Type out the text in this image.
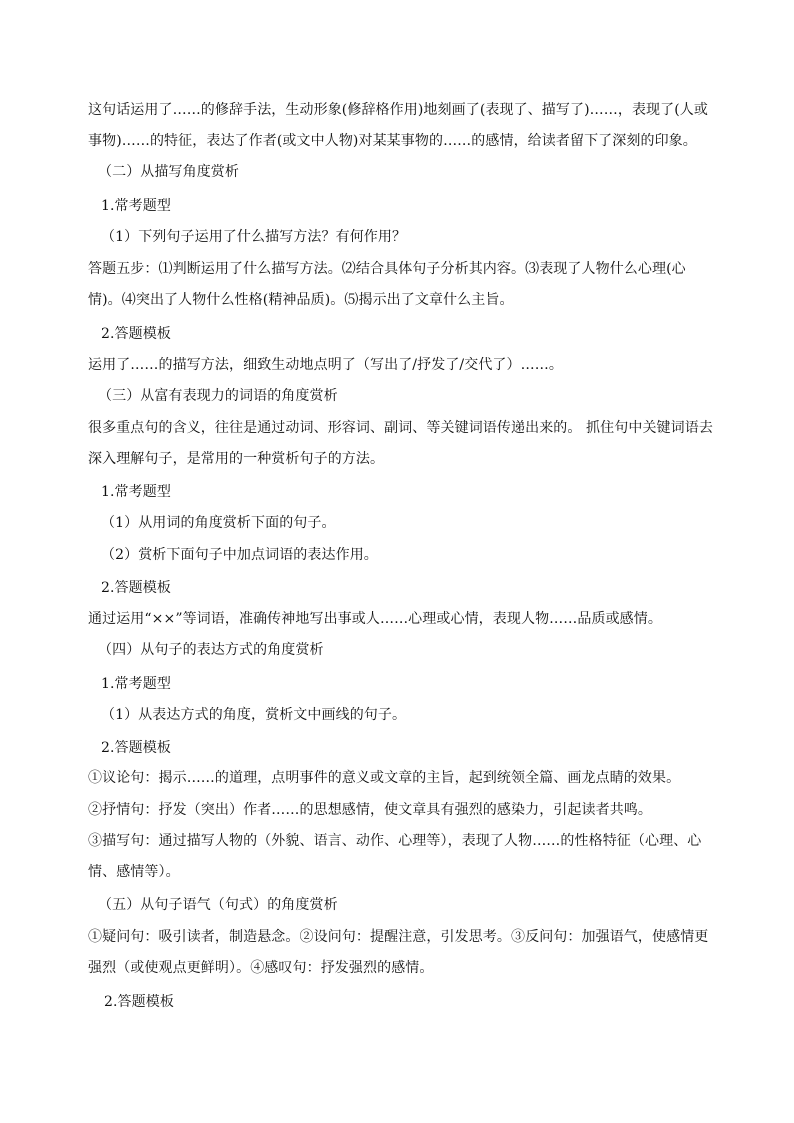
这句话运用了……的修辞手法，生动形象(修辞格作用)地刻画了(表现了、描写了)……，表现了(人或
事物)……的特征，表达了作者(或文中人物)对某某事物的……的感情，给读者留下了深刻的印象。
（二）从描写角度赏析
1.常考题型
（1）下列句子运用了什么描写方法？有何作用？
答题五步：⑴判断运用了什么描写方法。⑵结合具体句子分析其内容。⑶表现了人物什么心理(心
情)。⑷突出了人物什么性格(精神品质)。⑸揭示出了文章什么主旨。
2.答题模板
运用了……的描写方法，细致生动地点明了（写出了/抒发了/交代了）……。
（三）从富有表现力的词语的角度赏析
很多重点句的含义，往往是通过动词、形容词、副词、等关键词语传递出来的。 抓住句中关键词语去
深入理解句子，是常用的一种赏析句子的方法。
1.常考题型
（1）从用词的角度赏析下面的句子。
（2）赏析下面句子中加点词语的表达作用。
2.答题模板
通过运用“××”等词语，准确传神地写出事或人……心理或心情，表现人物……品质或感情。
（四）从句子的表达方式的角度赏析
1.常考题型
（1）从表达方式的角度，赏析文中画线的句子。
2.答题模板
①议论句：揭示……的道理，点明事件的意义或文章的主旨，起到统领全篇、画龙点睛的效果。
②抒情句：抒发（突出）作者……的思想感情，使文章具有强烈的感染力，引起读者共鸣。
③描写句：通过描写人物的（外貌、语言、动作、心理等），表现了人物……的性格特征（心理、心
情、感情等）。
（五）从句子语气（句式）的角度赏析
①疑问句：吸引读者，制造悬念。②设问句：提醒注意，引发思考。③反问句：加强语气，使感情更
强烈（或使观点更鲜明）。④感叹句：抒发强烈的感情。
2.答题模板
